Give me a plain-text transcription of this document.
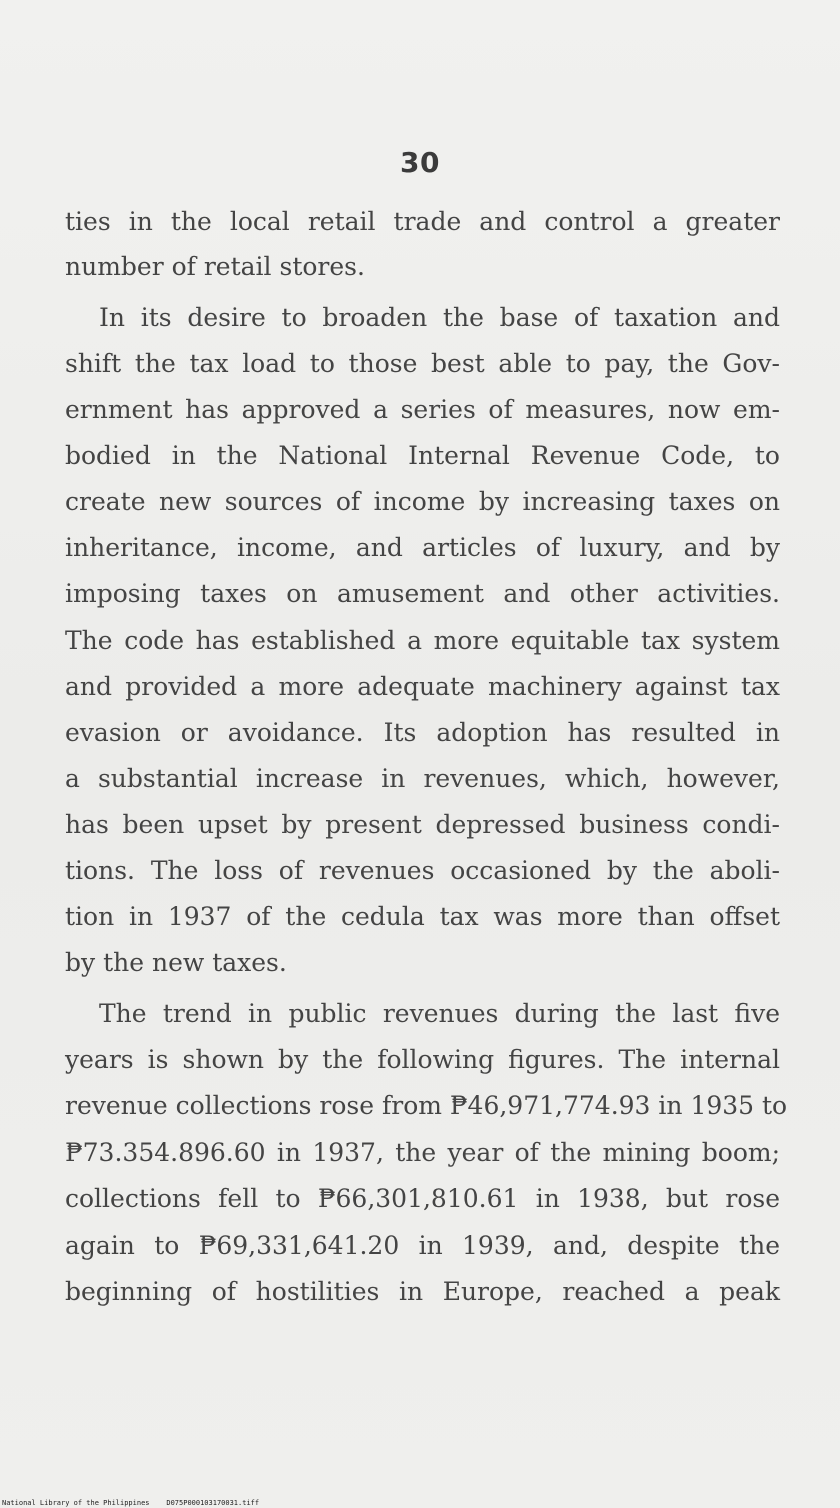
30
ties in the local retail trade and control a greater
number of retail stores.
In its desire to broaden the base of taxation and
shift the tax load to those best able to pay, the Gov-
ernment has approved a series of measures, now em-
bodied in the National Internal Revenue Code, to
create new sources of income by increasing taxes on
inheritance, income, and articles of luxury, and by
imposing taxes on amusement and other activities.
The code has established a more equitable tax system
and provided a more adequate machinery against tax
evasion or avoidance. Its adoption has resulted in
a substantial increase in revenues, which, however,
has been upset by present depressed business condi-
tions. The loss of revenues occasioned by the aboli-
tion in 1937 of the cedula tax was more than offset
by the new taxes.
The trend in public revenues during the last five
years is shown by the following figures. The internal
revenue collections rose from ₱46,971,774.93 in 1935 to
₱73.354.896.60 in 1937, the year of the mining boom;
collections fell to ₱66,301,810.61 in 1938, but rose
again to ₱69,331,641.20 in 1939, and, despite the
beginning of hostilities in Europe, reached a peak
National Library of the Philippines D075P000103170031.tiff
